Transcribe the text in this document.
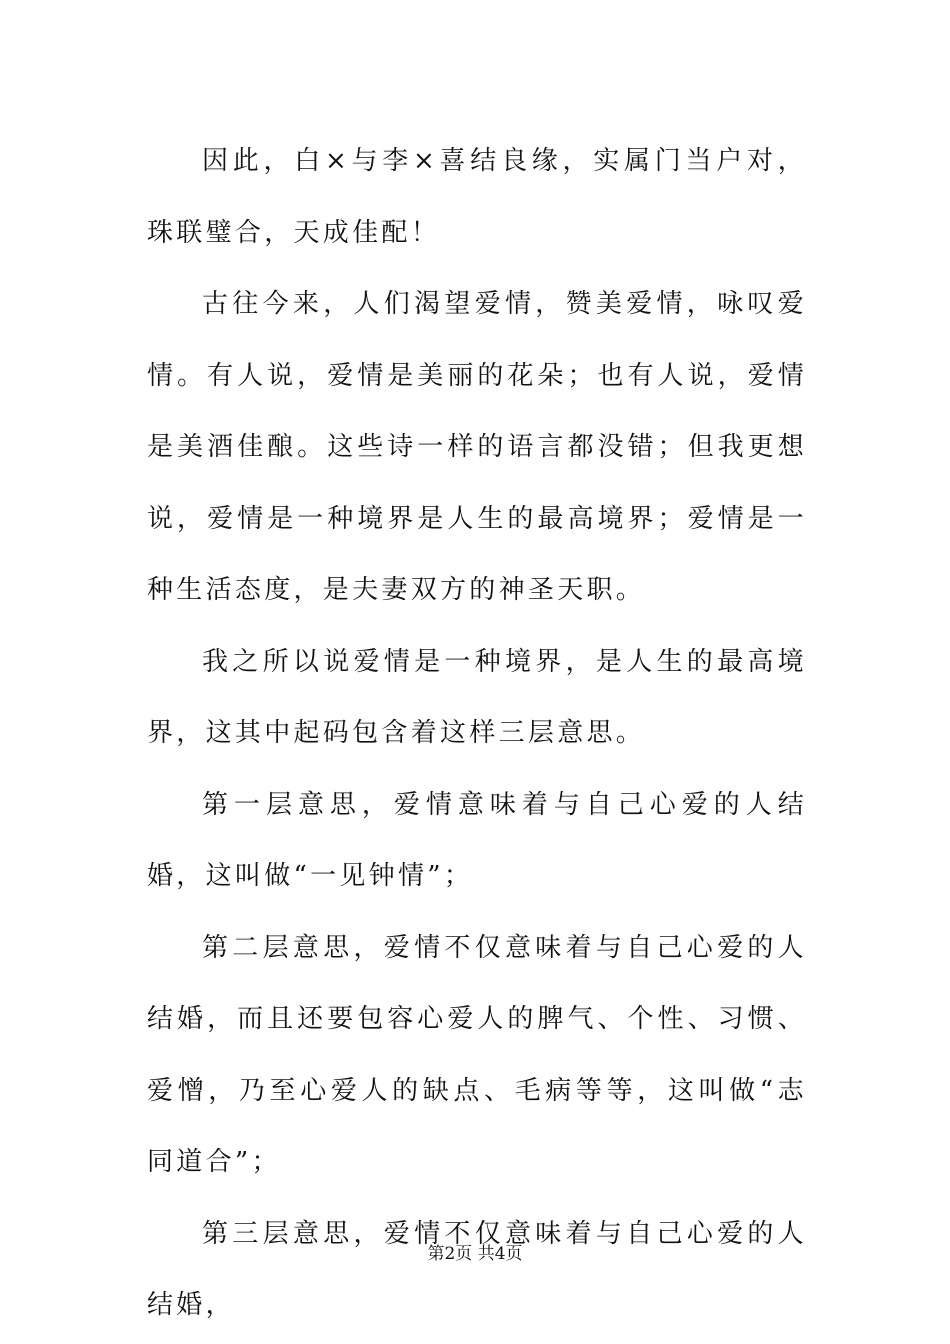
因此，白×与李×喜结良缘，实属门当户对，珠联璧合，天成佳配！

古往今来，人们渴望爱情，赞美爱情，咏叹爱情。有人说，爱情是美丽的花朵；也有人说，爱情是美酒佳酿。这些诗一样的语言都没错；但我更想说，爱情是一种境界是人生的最高境界；爱情是一种生活态度，是夫妻双方的神圣天职。

我之所以说爱情是一种境界，是人生的最高境界，这其中起码包含着这样三层意思。

第一层意思，爱情意味着与自己心爱的人结婚，这叫做“一见钟情”；

第二层意思，爱情不仅意味着与自己心爱的人结婚，而且还要包容心爱人的脾气、个性、习惯、爱憎，乃至心爱人的缺点、毛病等等，这叫做“志同道合”；

第三层意思，爱情不仅意味着与自己心爱的人结婚，

第2页 共4页
